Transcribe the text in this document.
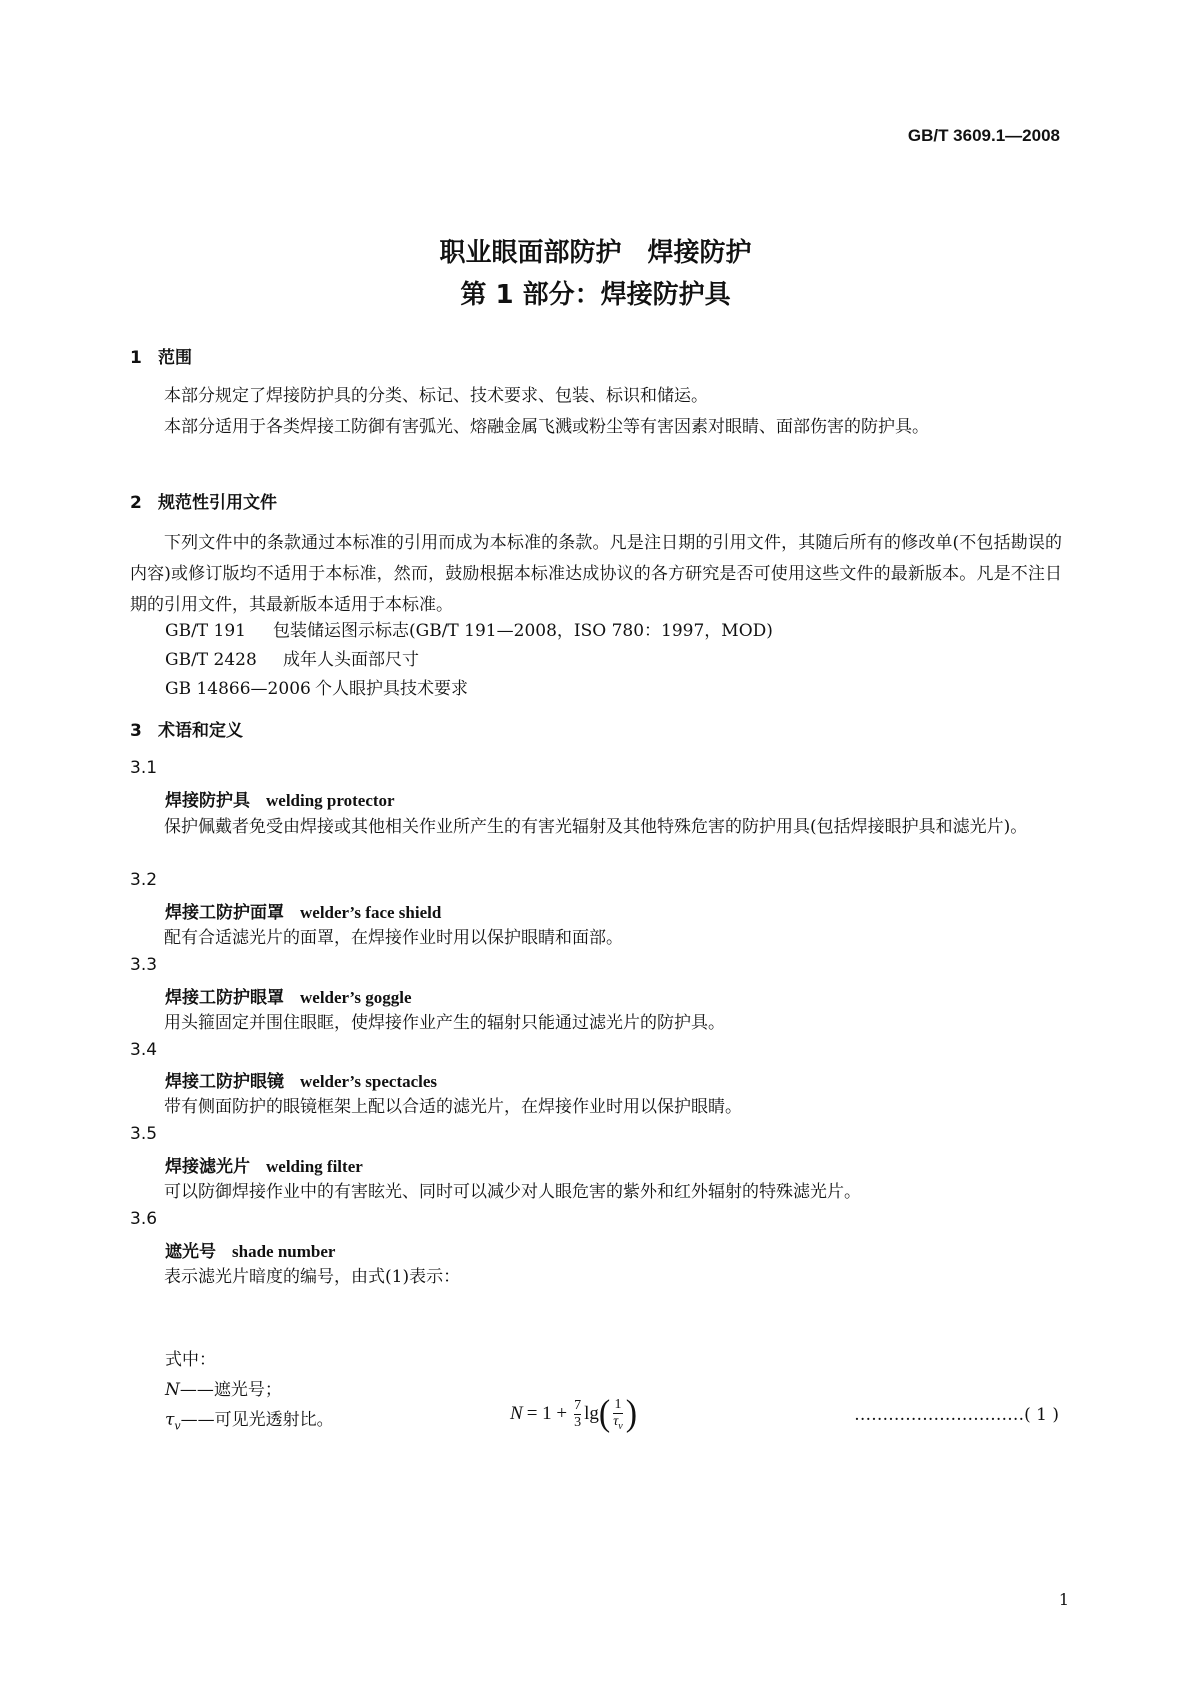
GB/T 3609.1—2008
职业眼面部防护　焊接防护
第 1 部分：焊接防护具
1 范围

本部分规定了焊接防护具的分类、标记、技术要求、包装、标识和储运。

本部分适用于各类焊接工防御有害弧光、熔融金属飞溅或粉尘等有害因素对眼睛、面部伤害的防护具。

2 规范性引用文件

下列文件中的条款通过本标准的引用而成为本标准的条款。凡是注日期的引用文件，其随后所有的修改单(不包括勘误的内容)或修订版均不适用于本标准，然而，鼓励根据本标准达成协议的各方研究是否可使用这些文件的最新版本。凡是不注日期的引用文件，其最新版本适用于本标准。

GB/T 191 包装储运图示标志(GB/T 191—2008，ISO 780：1997，MOD)
GB/T 2428 成年人头面部尺寸
GB 14866—2006 个人眼护具技术要求
3 术语和定义
3.1
焊接防护具 welding protector

保护佩戴者免受由焊接或其他相关作业所产生的有害光辐射及其他特殊危害的防护用具(包括焊接眼护具和滤光片)。

3.2
焊接工防护面罩 welder’s face shield

配有合适滤光片的面罩，在焊接作业时用以保护眼睛和面部。

3.3
焊接工防护眼罩 welder’s goggle

用头箍固定并围住眼眶，使焊接作业产生的辐射只能通过滤光片的防护具。

3.4
焊接工防护眼镜 welder’s spectacles

带有侧面防护的眼镜框架上配以合适的滤光片，在焊接作业时用以保护眼睛。

3.5
焊接滤光片 welding filter

可以防御焊接作业中的有害眩光、同时可以减少对人眼危害的紫外和红外辐射的特殊滤光片。

3.6
遮光号 shade number

表示滤光片暗度的编号，由式(1)表示：

$N = 1 + \frac{7}{3}$ lg ( $\frac{1}{\tau_v}$ )	…………………………( 1 )
式中：
N——遮光号；
$\tau_v——$可见光透射比。
1
